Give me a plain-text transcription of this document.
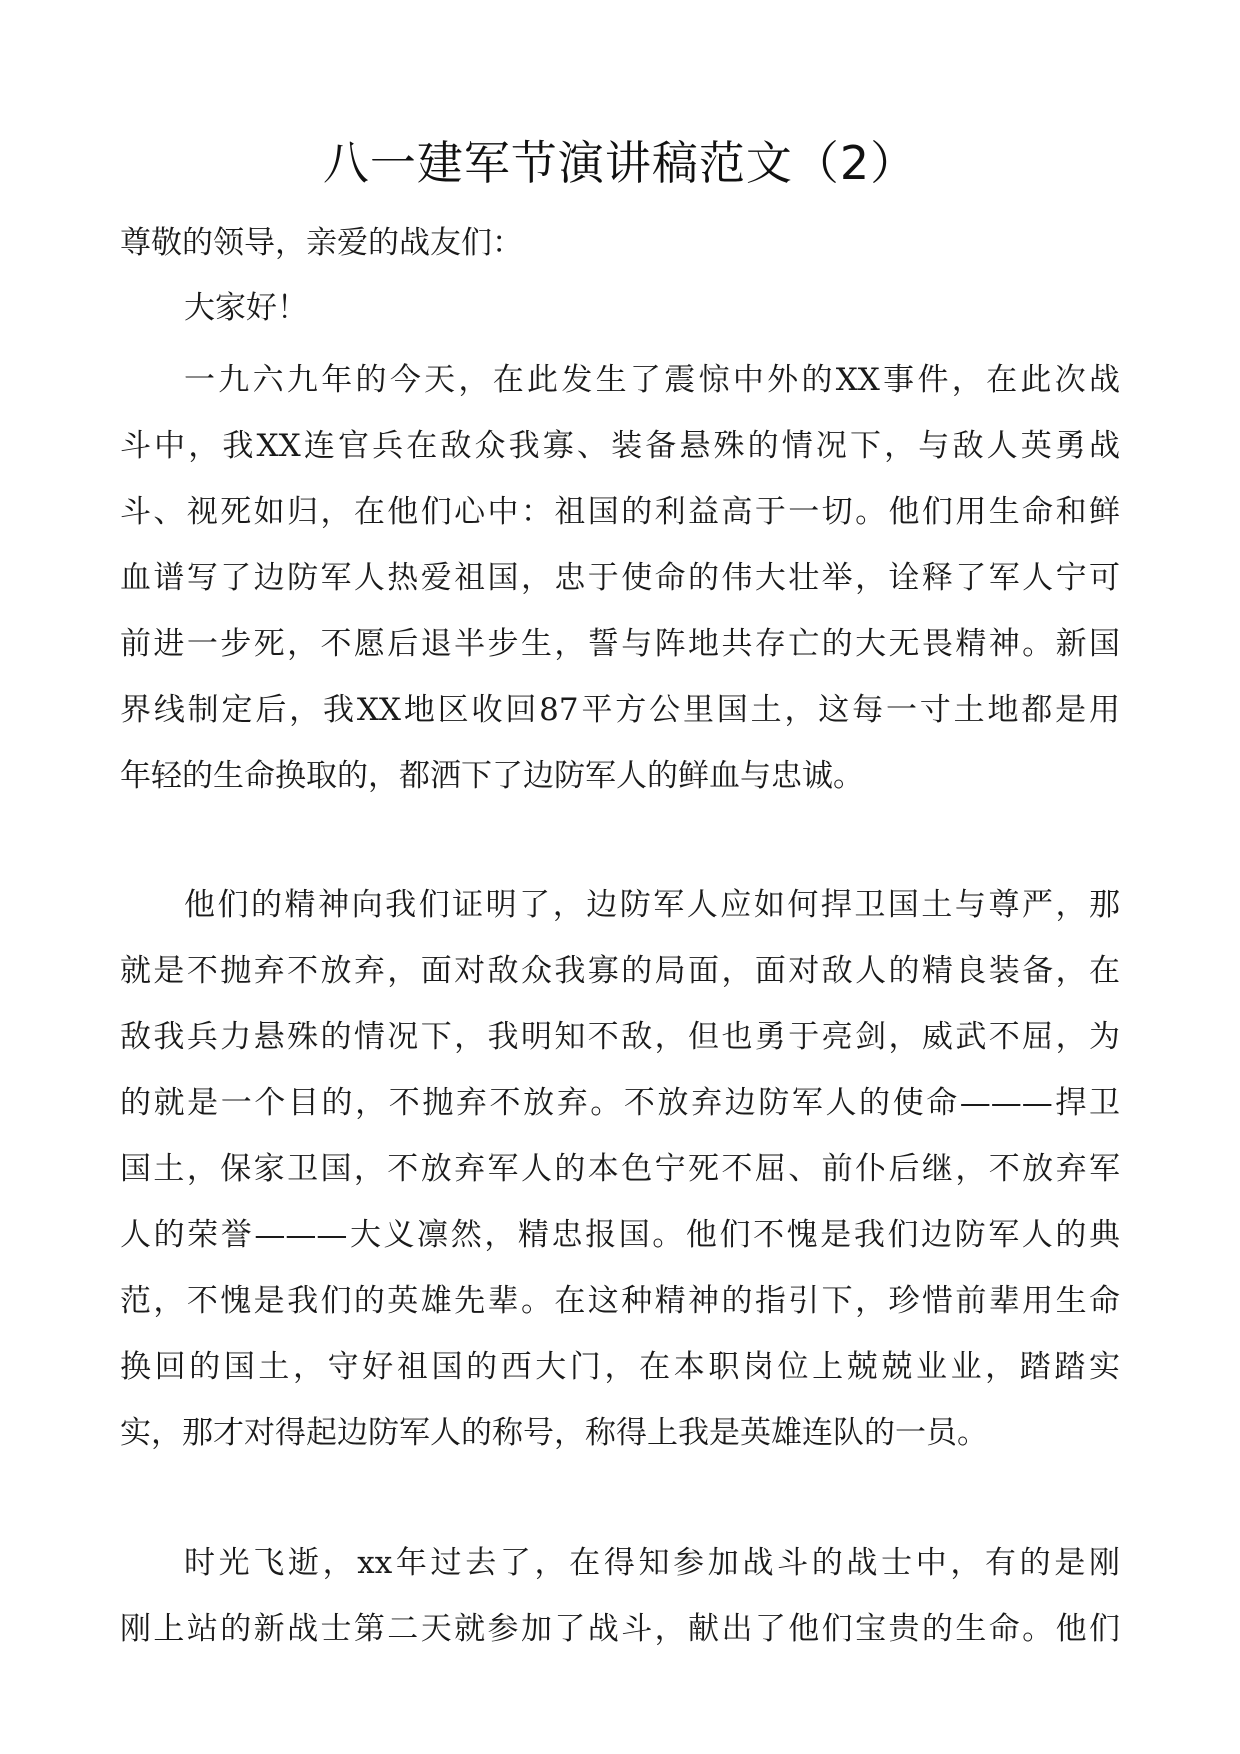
八一建军节演讲稿范文（2）
尊敬的领导，亲爱的战友们：
大家好！
一九六九年的今天，在此发生了震惊中外的XX事件，在此次战
斗中，我XX连官兵在敌众我寡、装备悬殊的情况下，与敌人英勇战
斗、视死如归，在他们心中：祖国的利益高于一切。他们用生命和鲜
血谱写了边防军人热爱祖国，忠于使命的伟大壮举，诠释了军人宁可
前进一步死，不愿后退半步生，誓与阵地共存亡的大无畏精神。新国
界线制定后，我XX地区收回87平方公里国土，这每一寸土地都是用
年轻的生命换取的，都洒下了边防军人的鲜血与忠诚。
他们的精神向我们证明了，边防军人应如何捍卫国土与尊严，那
就是不抛弃不放弃，面对敌众我寡的局面，面对敌人的精良装备，在
敌我兵力悬殊的情况下，我明知不敌，但也勇于亮剑，威武不屈，为
的就是一个目的，不抛弃不放弃。不放弃边防军人的使命———捍卫
国土，保家卫国，不放弃军人的本色宁死不屈、前仆后继，不放弃军
人的荣誉———大义凛然，精忠报国。他们不愧是我们边防军人的典
范，不愧是我们的英雄先辈。在这种精神的指引下，珍惜前辈用生命
换回的国土，守好祖国的西大门，在本职岗位上兢兢业业，踏踏实
实，那才对得起边防军人的称号，称得上我是英雄连队的一员。
时光飞逝，xx年过去了，在得知参加战斗的战士中，有的是刚
刚上站的新战士第二天就参加了战斗，献出了他们宝贵的生命。他们
